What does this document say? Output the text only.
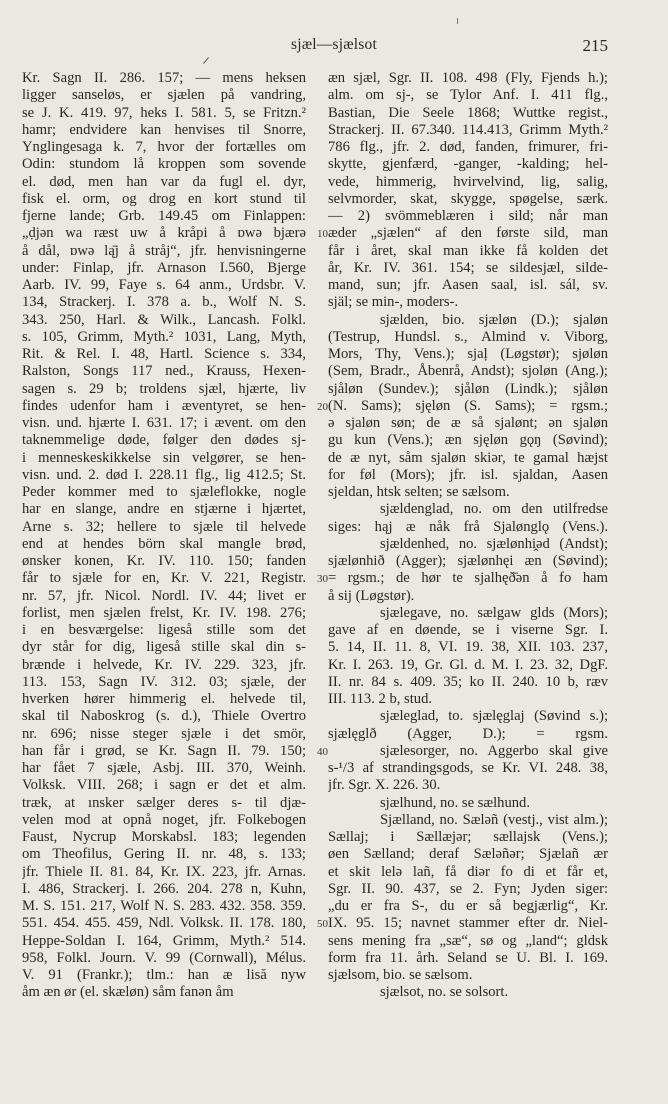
sjæl—sjælsot	215
Kr. Sagn II. 286. 157; — mens heksen
ligger sanseløs, er sjælen på vandring,
se J. K. 419. 97, heks I. 581. 5, se Fritzn.²
hamr; endvidere kan henvises til Snorre,
Ynglingesaga k. 7, hvor der fortælles om
Odin: stundom lå kroppen som sovende
el. død, men han var da fugl el. dyr,
fisk el. orm, og drog en kort stund til
fjerne lande; Grb. 149.45 om Finlappen:
„ḍjən wa ræst uw å kråpi å ɒwə bjærə
å dål, ɒwə lą̄j å stråj“, jfr. henvisningerne
under: Finlap, jfr. Arnason I.560, Bjerge
Aarb. IV. 99, Faye s. 64 anm., Urdsbr. V.
134, Strackerj. I. 378 a. b., Wolf N. S.
343. 250, Harl. & Wilk., Lancash. Folkl.
s. 105, Grimm, Myth.² 1031, Lang, Myth,
Rit. & Rel. I. 48, Hartl. Science s. 334,
Ralston, Songs 117 ned., Krauss, Hexen-
sagen s. 29 b; troldens sjæl, hjærte, liv
findes udenfor ham i æventyret, se hen-
visn. und. hjærte I. 631. 17; i ævent. om den
taknemmelige døde, følger den dødes sj-
i menneskeskikkelse sin velgører, se hen-
visn. und. 2. død I. 228.11 flg., lig 412.5; St.
Peder kommer med to sjæleflokke, nogle
har en slange, andre en stjærne i hjærtet,
Arne s. 32; hellere to sjæle til helvede
end at hendes börn skal mangle brød,
ønsker konen, Kr. IV. 110. 150; fanden
får to sjæle for en, Kr. V. 221, Registr.
nr. 57, jfr. Nicol. Nordl. IV. 44; livet er
forlist, men sjælen frelst, Kr. IV. 198. 276;
i en besværgelse: ligeså stille som det
dyr står for dig, ligeså stille skal din s-
brænde i helvede, Kr. IV. 229. 323, jfr.
113. 153, Sagn IV. 312. 03; sjæle, der
hverken hører himmerig el. helvede til,
skal til Naboskrog (s. d.), Thiele Overtro
nr. 696; nisse steger sjæle i det smör,
han får i grød, se Kr. Sagn II. 79. 150;
har fået 7 sjæle, Asbj. III. 370, Weinh.
Volksk. VIII. 268; i sagn er det et alm.
træk, at ınsker sælger deres s- til djæ-
velen mod at opnå noget, jfr. Folkebogen
Faust, Nycrup Morskabsl. 183; legenden
om Theofilus, Gering II. nr. 48, s. 133;
jfr. Thiele II. 81. 84, Kr. IX. 223, jfr. Arnas.
I. 486, Strackerj. I. 266. 204. 278 n, Kuhn,
M. S. 151. 217, Wolf N. S. 283. 432. 358. 359.
551. 454. 455. 459, Ndl. Volksk. II. 178. 180,
Heppe-Soldan I. 164, Grimm, Myth.² 514.
958, Folkl. Journ. V. 99 (Cornwall), Mélus.
V. 91 (Frankr.); tlm.: han æ lisă nyw
åm æn ør (el. skæløn) såm fanən åm
10
20
30
40
50
æn sjæl, Sgr. II. 108. 498 (Fly, Fjends h.);
alm. om sj-, se Tylor Anf. I. 411 flg.,
Bastian, Die Seele 1868; Wuttke regist.,
Strackerj. II. 67.340. 114.413, Grimm Myth.²
786 flg., jfr. 2. død, fanden, frimurer, fri-
skytte, gjenfærd, -ganger, -kalding; hel-
vede, himmerig, hvirvelvind, lig, salig,
selvmorder, skat, skygge, spøgelse, særk.
— 2) svömmeblæren i sild; når man
æder „sjælen“ af den første sild, man
får i året, skal man ikke få kolden det
år, Kr. IV. 361. 154; se sildesjæl, silde-
mand, sun; jfr. Aasen saal, isl. sál, sv.
själ; se min-, moders-.
sjælden, bio. sjæløn (D.); sjaløn
(Testrup, Hundsl. s., Almind v. Viborg,
Mors, Thy, Vens.); sjaļ (Løgstør); sjøløn
(Sem, Bradr., Åbenrå, Andst); sjoløn (Ang.);
sjåløn (Sundev.); sjåløn (Lindk.); sjåløn
(N. Sams); sjęløn (S. Sams); = rgsm.;
ə sjaløn søn; de æ så sjalønt; ən sjaløn
gu kun (Vens.); æn sjęløn gǫŋ (Søvind);
de æ nyt, såm sjaløn skiər, te gamal hæjst
for føl (Mors); jfr. isl. sjaldan, Aasen
sjeldan, htsk selten; se sælsom.
sjældenglad, no. om den utilfredse
siges: hąj æ nåk frå Sjaløngl̄ǫ (Vens.).
sjældenhed, no. sjælønhi̭əd (Andst);
sjælønhið (Agger); sjælønhęi æn (Søvind);
= rgsm.; de hør te sjalhęð̄ən å fo ham
å sij (Løgstør).
sjælegave, no. sælgaw glds (Mors);
gave af en døende, se i viserne Sgr. I.
5. 14, II. 11. 8, VI. 19. 38, XII. 103. 237,
Kr. I. 263. 19, Gr. Gl. d. M. I. 23. 32, DgF.
II. nr. 84 s. 409. 35; ko II. 240. 10 b, ræv
III. 113. 2 b, stud.
sjæleglad, to. sjælęglaj (Søvind s.);
sjælęglð (Agger, D.); = rgsm.
sjælesorger, no. Aggerbo skal give
s-¹/3 af strandingsgods, se Kr. VI. 248. 38,
jfr. Sgr. X. 226. 30.
sjælhund, no. se sælhund.
Sjælland, no. Sæləñ (vestj., vist alm.);
Sællaj; i Sællæjər; sællajsk (Vens.);
øen Sælland; deraf Sæləñər; Sjælañ ær
et skit lelə lañ, få diər fo di et får et,
Sgr. II. 90. 437, se 2. Fyn; Jyden siger:
„du er fra S-, du er så begjærlig“, Kr.
IX. 95. 15; navnet stammer efter dr. Niel-
sens mening fra „sæ“, sø og „land“; gldsk
form fra 11. årh. Seland se U. Bl. I. 169.
sjælsom, bio. se sælsom.
sjælsot, no. se solsort.
